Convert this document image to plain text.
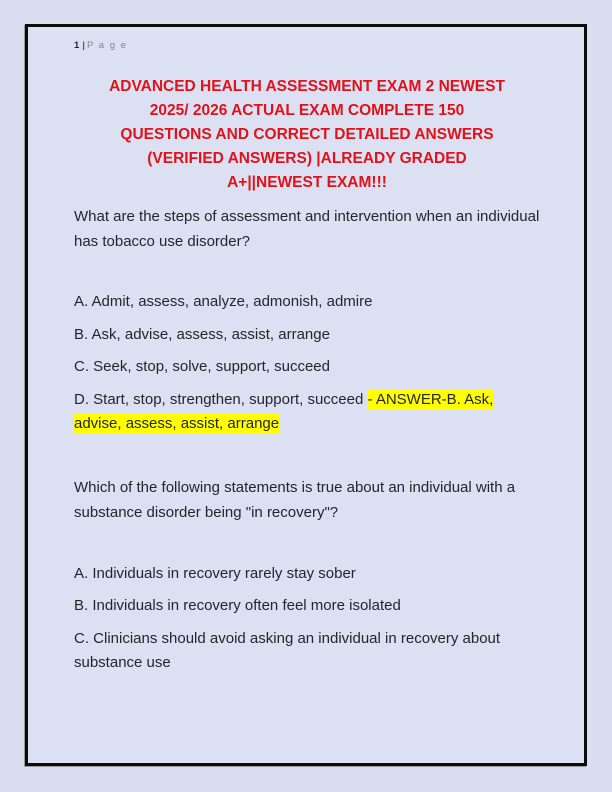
1 | P a g e
ADVANCED HEALTH ASSESSMENT EXAM 2 NEWEST
2025/ 2026 ACTUAL EXAM COMPLETE 150
QUESTIONS AND CORRECT DETAILED ANSWERS
(VERIFIED ANSWERS) |ALREADY GRADED
A+||NEWEST EXAM!!!

What are the steps of assessment and intervention when an individual has tobacco use disorder?

A. Admit, assess, analyze, admonish, admire

B. Ask, advise, assess, assist, arrange

C. Seek, stop, solve, support, succeed

D. Start, stop, strengthen, support, succeed - ANSWER-B. Ask, advise, assess, assist, arrange

Which of the following statements is true about an individual with a substance disorder being "in recovery"?

A. Individuals in recovery rarely stay sober

B. Individuals in recovery often feel more isolated

C. Clinicians should avoid asking an individual in recovery about substance use
